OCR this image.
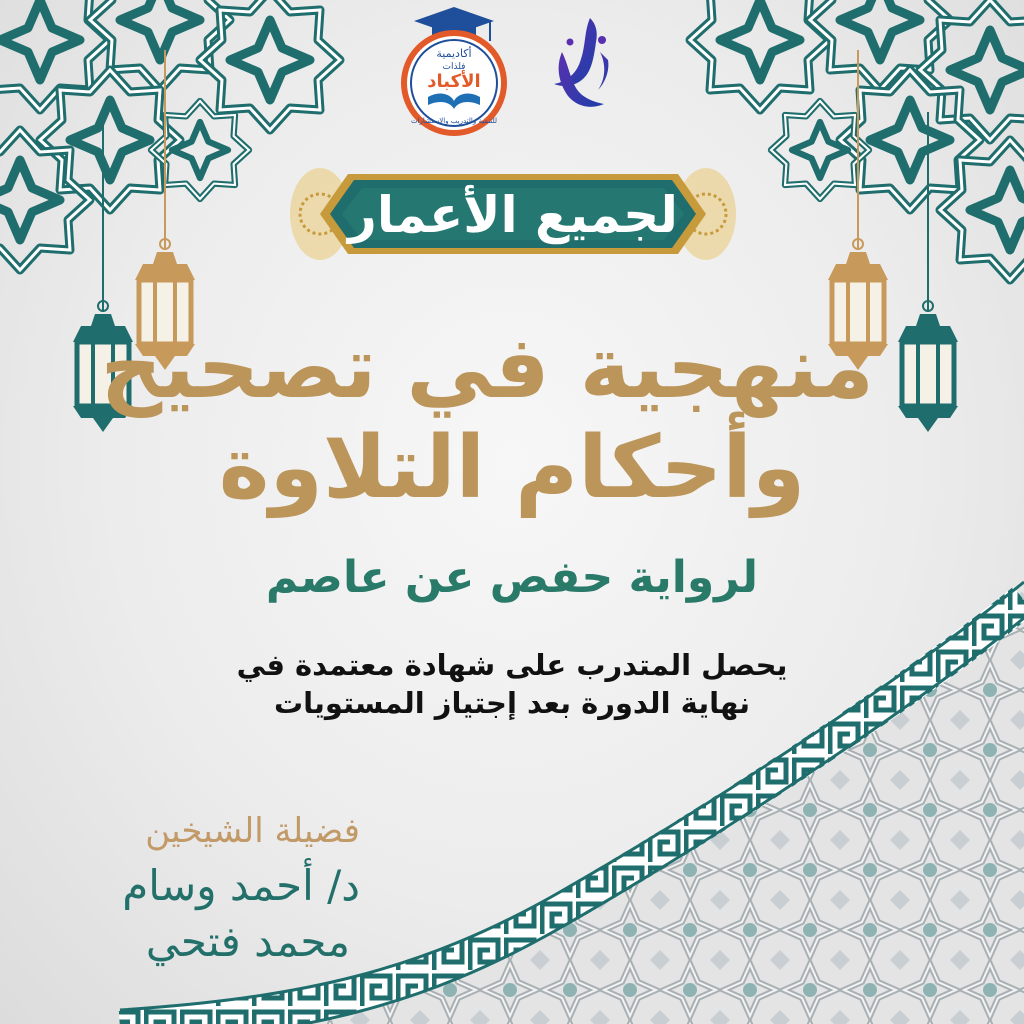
أكاديمية
فلذات
الأكباد
للتنمية والتدريب والاستشارات
لجميع الأعمار
منهجية في تصحيح
وأحكام التلاوة
لرواية حفص عن عاصم
يحصل المتدرب على شهادة معتمدة في
نهاية الدورة بعد إجتياز المستويات
فضيلة الشيخين
د/ أحمد وسام
محمد فتحي
